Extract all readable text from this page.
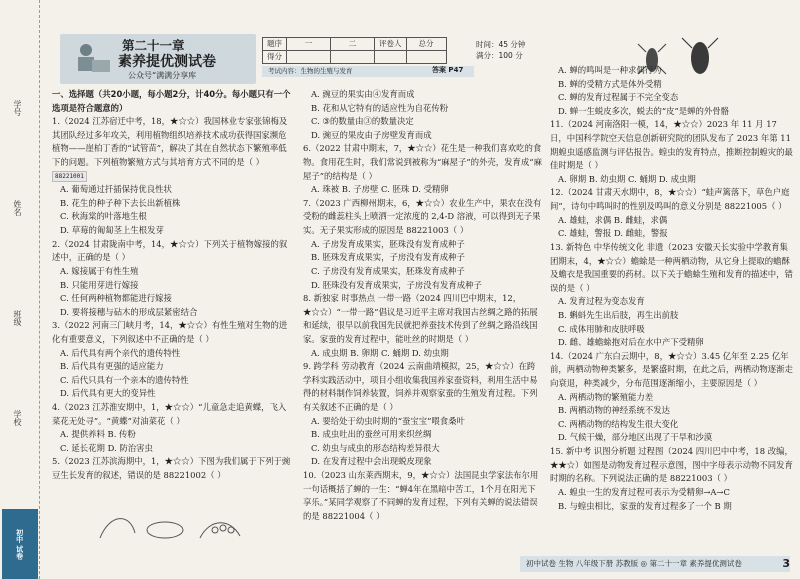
学号
姓名
班级
学校
初中 试卷
第二十一章
素养提优测试卷
公众号“满满分享库
题序	一	二	评卷人	总分
得分				
时间：45 分钟
满分：100 分
考试内容：生物的生殖与发育	答案 P47

一、选择题（共20小题，每小题2分，计40分。每小题只有一个选项是符合题意的）

1.（2024 江苏宿迁中考，18，★☆☆）我国林业专家张锦梅及其团队经过多年攻关，利用植物组织培养技术成功获得国家濒危植物——崖柏丁香的“试管苗”，解决了其在自然状态下繁殖率低下的问题。下列植物繁殖方式与其培育方式不同的是（ ）

88221001

A. 葡萄通过扦插保持优良性状

B. 花生的种子种下去长出新植株

C. 秋海棠的叶落地生根

D. 草莓的匍匐茎上生根发芽

2.（2024 甘肃陇南中考，14，★☆☆）下列关于植物嫁接的叙述中，正确的是（ ）

A. 嫁接属于有性生殖

B. 只能用芽进行嫁接

C. 任何两种植物都能进行嫁接

D. 要将接穗与砧木的形成层紧密结合

3.（2022 河南三门峡月考，14，★☆☆）有性生殖对生物的进化有重要意义，下列叙述中不正确的是（ ）

A. 后代具有两个亲代的遗传特性

B. 后代具有更强的适应能力

C. 后代只具有一个亲本的遗传特性

D. 后代具有更大的变异性

4.（2023 江苏淮安期中，1，★☆☆）“儿童急走追黄蝶，飞入菜花无处寻”。“黄蝶”对油菜花（ ）

A. 提供养料 B. 传粉

C. 延长花期 D. 防治害虫

5.（2023 江苏滨海期中，1，★☆☆）下图为我们属于下列于豌豆生长发育的叙述，错误的是 88221002（ ）

A. 豌豆的果实由④发育而成

B. 花和从它特有的适应性为自花传粉

C. ③的数量由③的数量决定

D. 豌豆的果皮由子房壁发育而成

6.（2022 甘肃中期末，7，★☆☆）花生是一种我们喜欢吃的食物。食用花生时，我们常说到被称为“麻屋子”的外壳，发育成“麻屋子”的结构是（ ）

A. 珠被 B. 子房壁 C. 胚珠 D. 受精卵

7.（2023 广西柳州期末，6，★☆☆）农业生产中，果农在没有受粉的雌蕊柱头上喷洒一定浓度的 2,4-D 溶液，可以得到无子果实。无子果实形成的原因是 88221003（ ）

A. 子房发育成果实，胚珠没有发育成种子

B. 胚珠发育成果实，子房没有发育成种子

C. 子房没有发育成果实，胚珠发育成种子

D. 胚珠没有发育成果实，子房没有发育成种子

8. 新独家 时事热点 一带一路（2024 四川巴中期末，12，★☆☆）“一带一路”倡议是习近平主席对我国古丝绸之路的拓展和延续，很早以前我国先民就把养蚕技术传到了丝绸之路沿线国家。家蚕的发育过程中，能吐丝的时期是（ ）

A. 成虫期 B. 卵期 C. 蛹期 D. 幼虫期

9. 跨学科 劳动教育（2024 云南曲靖模拟，25，★☆☆）在跨学科实践活动中，项目小组收集我国养家蚕资料，利用生活中易得的材料制作饲养装置，饲养并观察家蚕的生殖发育过程。下列有关叙述不正确的是（ ）

A. 要给处于幼虫时期的“蚕宝宝”喂食桑叶

B. 成虫吐出的蚕丝可用来织丝绸

C. 幼虫与成虫的形态结构差异很大

D. 在发育过程中会出现蜕皮现象

10.（2023 山东莱西期末，9，★☆☆）法国昆虫学家法布尔用一句话概括了蝉的一生：“蝉4年在黑暗中苦工，1个月在阳光下享乐。”某同学观察了不同蝉的发育过程，下列有关蝉的说法错误的是 88221004（ ）

A. 蝉的鸣叫是一种求偶行为

B. 蝉的受精方式是体外受精

C. 蝉的发育过程属于不完全变态

D. 蝉一生蜕皮多次，蜕去的“皮”是蝉的外骨骼

11.（2024 河南洛阳一模，14，★☆☆）2023 年 11 月 17 日，中国科学院空天信息创新研究院的团队发布了 2023 年第 11 期蝗虫遥感监测与评估报告。蝗虫的发育特点，推断控制蝗灾的最佳时期是（ ）

A. 卵期 B. 幼虫期 C. 蛹期 D. 成虫期

12.（2024 甘肃天水期中，8，★☆☆）“蛙声篱落下，草色户庭间”，诗句中鸣叫时的性别及鸣叫的意义分别是 88221005（ ）

A. 雄蛙，求偶 B. 雌蛙，求偶

C. 雄蛙，警报 D. 雌蛙，警报

13. 新特色 中华传统文化 非遗（2023 安徽天长实验中学教育集团期末，4，★☆☆）蟾蜍是一种两栖动物，从它身上提取的蟾酥及蟾衣是我国重要的药材。以下关于蟾蜍生殖和发育的描述中，错误的是（ ）

A. 发育过程为变态发育

B. 蝌蚪先生出后肢，再生出前肢

C. 成体用肺和皮肤呼吸

D. 雌、雄蟾蜍抱对后在水中产下受精卵

14.（2024 广东白云期中，8，★☆☆）3.45 亿年至 2.25 亿年前，两栖动物种类繁多，是繁盛时期，在此之后，两栖动物逐渐走向衰退，种类减少，分布范围逐渐缩小，主要原因是（ ）

A. 两栖动物的繁殖能力差

B. 两栖动物的神经系统不发达

C. 两栖动物的结构发生很大变化

D. 气候干燥，部分地区出现了干旱和沙漠

15. 新中考 识图分析题 过程图（2024 四川巴中中考，18 改编，★★☆）如图是动物发育过程示意图，图中字母表示动物不同发育时期的名称。下列说法正确的是 88221003（ ）

A. 蝗虫一生的发育过程可表示为受精卵→A→C

B. 与蝗虫相比，家蚕的发育过程多了一个 B 期

初中试卷 生物 八年级下册 苏教版 ◎ 第二十一章 素养提优测试卷	3
